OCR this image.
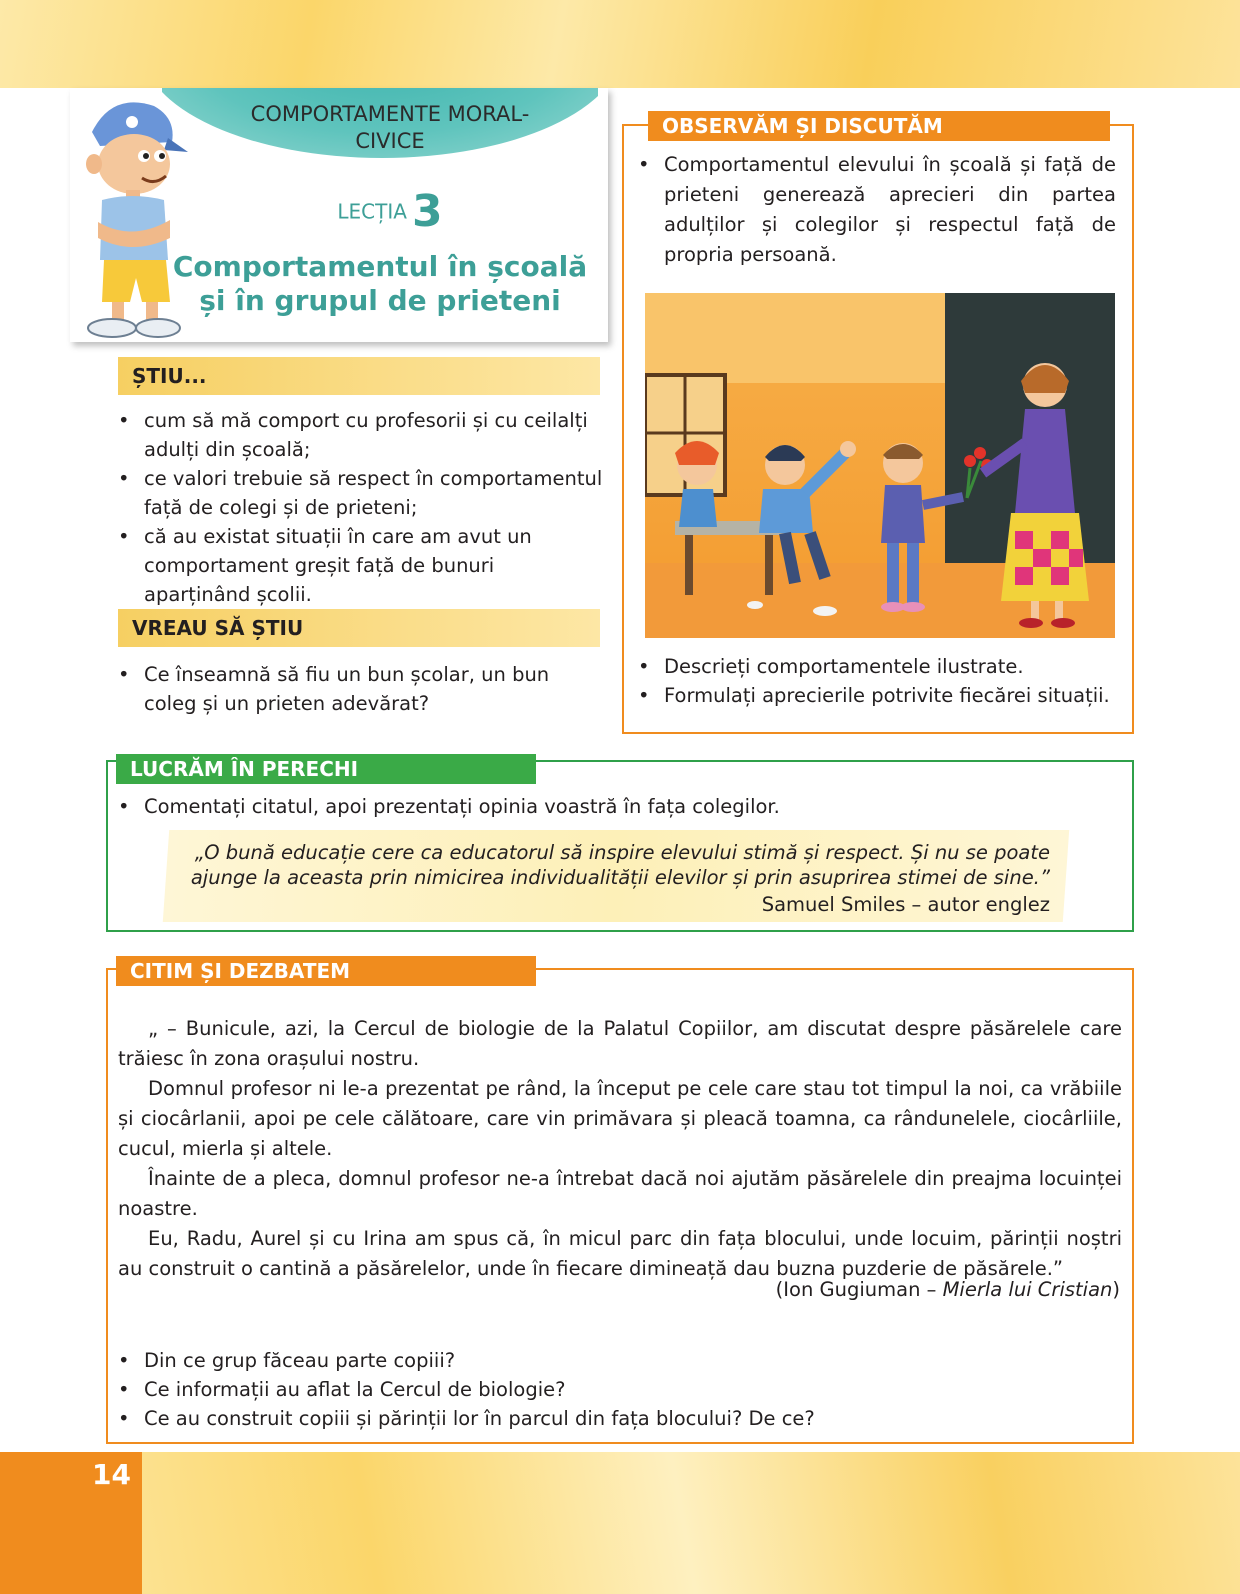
14
COMPORTAMENTE MORAL-CIVICE
LECȚIA 3
Comportamentul în școală și în grupul de prieteni
ȘTIU...
• cum să mă comport cu profesorii și cu ceilalți adulți din școală;
• ce valori trebuie să respect în comportamentul față de colegi și de prieteni;
• că au existat situații în care am avut un comportament greșit față de bunuri aparținând școlii.
VREAU SĂ ȘTIU
• Ce înseamnă să fiu un bun școlar, un bun coleg și un prieten adevărat?
OBSERVĂM ȘI DISCUTĂM
• Comportamentul elevului în școală și față de prieteni generează aprecieri din partea adulților și colegilor și respectul față de propria persoană.
• Descrieți comportamentele ilustrate.
• Formulați aprecierile potrivite fiecărei situații.
LUCRĂM ÎN PERECHI
• Comentați citatul, apoi prezentați opinia voastră în fața colegilor.
„O bună educație cere ca educatorul să inspire elevului stimă și respect. Și nu se poate ajunge la aceasta prin nimicirea individualității elevilor și prin asuprirea stimei de sine.”
Samuel Smiles – autor englez
CITIM ȘI DEZBATEM

„ – Bunicule, azi, la Cercul de biologie de la Palatul Copiilor, am discutat despre păsărelele care trăiesc în zona orașului nostru.

Domnul profesor ni le-a prezentat pe rând, la început pe cele care stau tot timpul la noi, ca vrăbiile și ciocârlanii, apoi pe cele călătoare, care vin primăvara și pleacă toamna, ca rândunelele, ciocârliile, cucul, mierla și altele.

Înainte de a pleca, domnul profesor ne-a întrebat dacă noi ajutăm păsărelele din preajma locuinței noastre.

Eu, Radu, Aurel și cu Irina am spus că, în micul parc din fața blocului, unde locuim, părinții noștri au construit o cantină a păsărelelor, unde în fiecare dimineață dau buzna puzderie de păsărele.”

(Ion Gugiuman – Mierla lui Cristian)
• Din ce grup făceau parte copiii?
• Ce informații au aflat la Cercul de biologie?
• Ce au construit copiii și părinții lor în parcul din fața blocului? De ce?
